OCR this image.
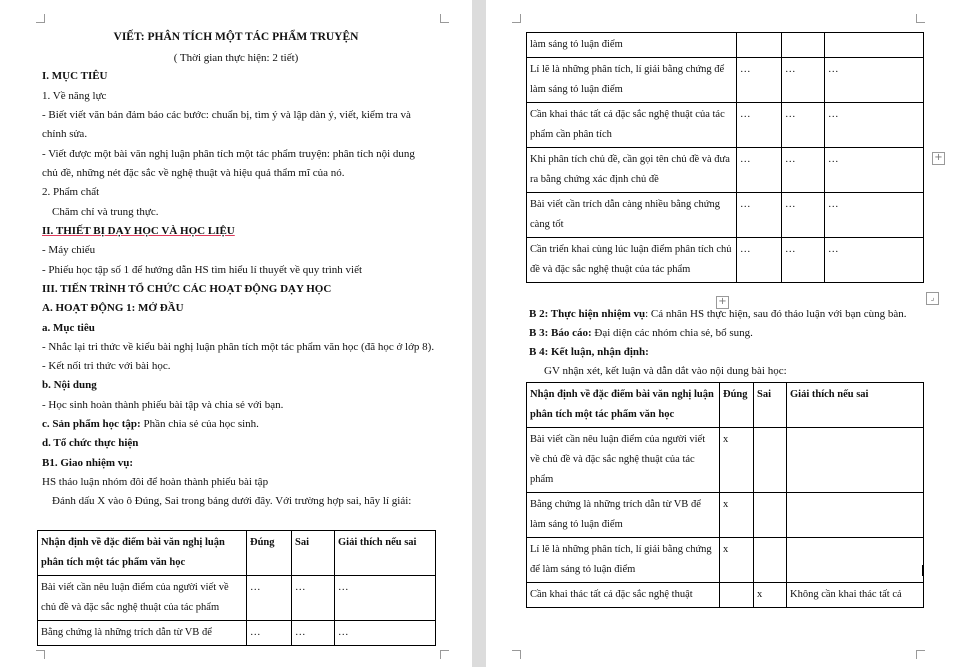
VIẾT: PHÂN TÍCH MỘT TÁC PHẨM TRUYỆN
( Thời gian thực hiện: 2 tiết)
I. MỤC TIÊU
1. Về năng lực
- Biết viết văn bản đảm bảo các bước: chuẩn bị, tìm ý và lập dàn ý, viết, kiểm tra và
chỉnh sửa.
- Viết được một bài văn nghị luận phân tích một tác phẩm truyện: phân tích nội dung
chủ đề, những nét đặc sắc về nghệ thuật và hiệu quả thẩm mĩ của nó.
2. Phẩm chất
Chăm chỉ và trung thực.
II. THIẾT BỊ DẠY HỌC VÀ HỌC LIỆU
- Máy chiếu
- Phiếu học tập số 1 để hướng dẫn HS tìm hiểu lí thuyết về quy trình viết
III. TIẾN TRÌNH TỔ CHỨC CÁC HOẠT ĐỘNG DẠY HỌC
A. HOẠT ĐỘNG 1: MỞ ĐẦU
a. Mục tiêu
- Nhắc lại tri thức về kiểu bài nghị luận phân tích một tác phẩm văn học (đã học ở lớp 8).
- Kết nối tri thức với bài học.
b. Nội dung
- Học sinh hoàn thành phiếu bài tập và chia sẻ với bạn.
c. Sản phẩm học tập: Phần chia sẻ của học sinh.
d. Tổ chức thực hiện
B1. Giao nhiệm vụ:
HS thảo luận nhóm đôi để hoàn thành phiếu bài tập
Đánh dấu X vào ô Đúng, Sai trong bảng dưới đây. Với trường hợp sai, hãy lí giải:
Nhận định về đặc điểm bài văn nghị luận phân tích một tác phẩm văn học	Đúng	Sai	Giải thích nếu sai
Bài viết cần nêu luận điểm của người viết về chủ đề và đặc sắc nghệ thuật của tác phẩm	…	…	…
Bằng chứng là những trích dẫn từ VB để	…	…	…
làm sáng tỏ luận điểm			
Lí lẽ là những phân tích, lí giải bằng chứng để làm sáng tỏ luận điểm	…	…	…
Cần khai thác tất cả đặc sắc nghệ thuật của tác phẩm cần phân tích	…	…	…
Khi phân tích chủ đề, cần gọi tên chủ đề và đưa ra bằng chứng xác định chủ đề	…	…	…
Bài viết cần trích dẫn càng nhiều bằng chứng càng tốt	…	…	…
Cần triển khai cùng lúc luận điểm phân tích chủ đề và đặc sắc nghệ thuật của tác phẩm	…	…	…
+
+	⌟
B 2: Thực hiện nhiệm vụ: Cá nhân HS thực hiện, sau đó thảo luận với bạn cùng bàn.
B 3: Báo cáo: Đại diện các nhóm chia sẻ, bổ sung.
B 4: Kết luận, nhận định:
GV nhận xét, kết luận và dẫn dắt vào nội dung bài học:
Nhận định về đặc điểm bài văn nghị luận phân tích một tác phẩm văn học	Đúng	Sai	Giải thích nếu sai
Bài viết cần nêu luận điểm của người viết về chủ đề và đặc sắc nghệ thuật của tác phẩm	x		
Bằng chứng là những trích dẫn từ VB để làm sáng tỏ luận điểm	x		
Lí lẽ là những phân tích, lí giải bằng chứng để làm sáng tỏ luận điểm	x		
Cần khai thác tất cả đặc sắc nghệ thuật		x	Không cần khai thác tất cả
